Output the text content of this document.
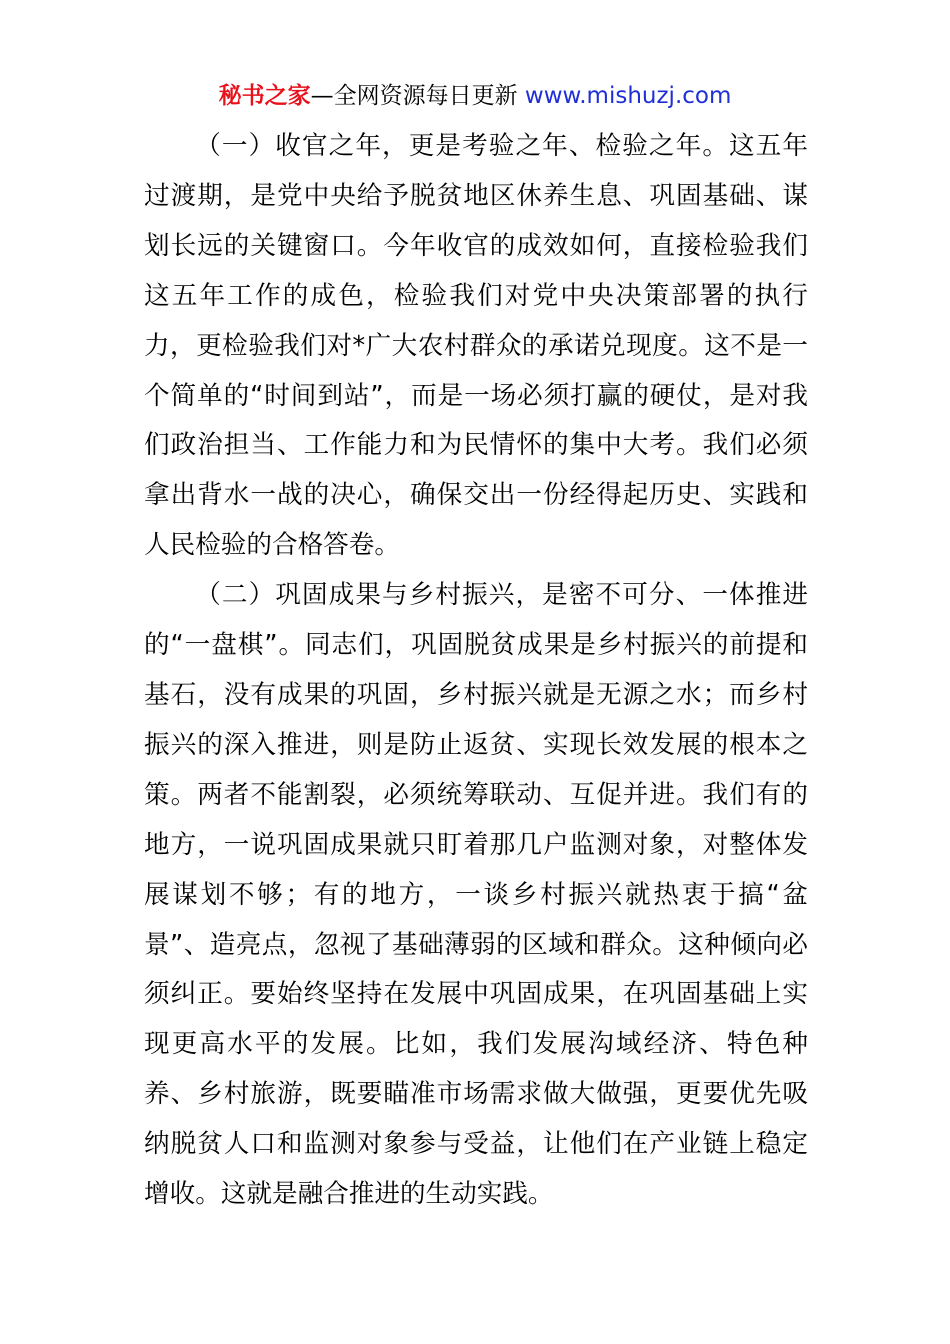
秘书之家—全网资源每日更新 www.mishuzj.com

（一）收官之年，更是考验之年、检验之年。这五年过渡期，是党中央给予脱贫地区休养生息、巩固基础、谋划长远的关键窗口。今年收官的成效如何，直接检验我们这五年工作的成色，检验我们对党中央决策部署的执行力，更检验我们对*广大农村群众的承诺兑现度。这不是一个简单的“时间到站”，而是一场必须打赢的硬仗，是对我们政治担当、工作能力和为民情怀的集中大考。我们必须拿出背水一战的决心，确保交出一份经得起历史、实践和人民检验的合格答卷。

（二）巩固成果与乡村振兴，是密不可分、一体推进的“一盘棋”。同志们，巩固脱贫成果是乡村振兴的前提和基石，没有成果的巩固，乡村振兴就是无源之水；而乡村振兴的深入推进，则是防止返贫、实现长效发展的根本之策。两者不能割裂，必须统筹联动、互促并进。我们有的地方，一说巩固成果就只盯着那几户监测对象，对整体发展谋划不够；有的地方，一谈乡村振兴就热衷于搞“盆景”、造亮点，忽视了基础薄弱的区域和群众。这种倾向必须纠正。要始终坚持在发展中巩固成果，在巩固基础上实现更高水平的发展。比如，我们发展沟域经济、特色种养、乡村旅游，既要瞄准市场需求做大做强，更要优先吸纳脱贫人口和监测对象参与受益，让他们在产业链上稳定增收。这就是融合推进的生动实践。
